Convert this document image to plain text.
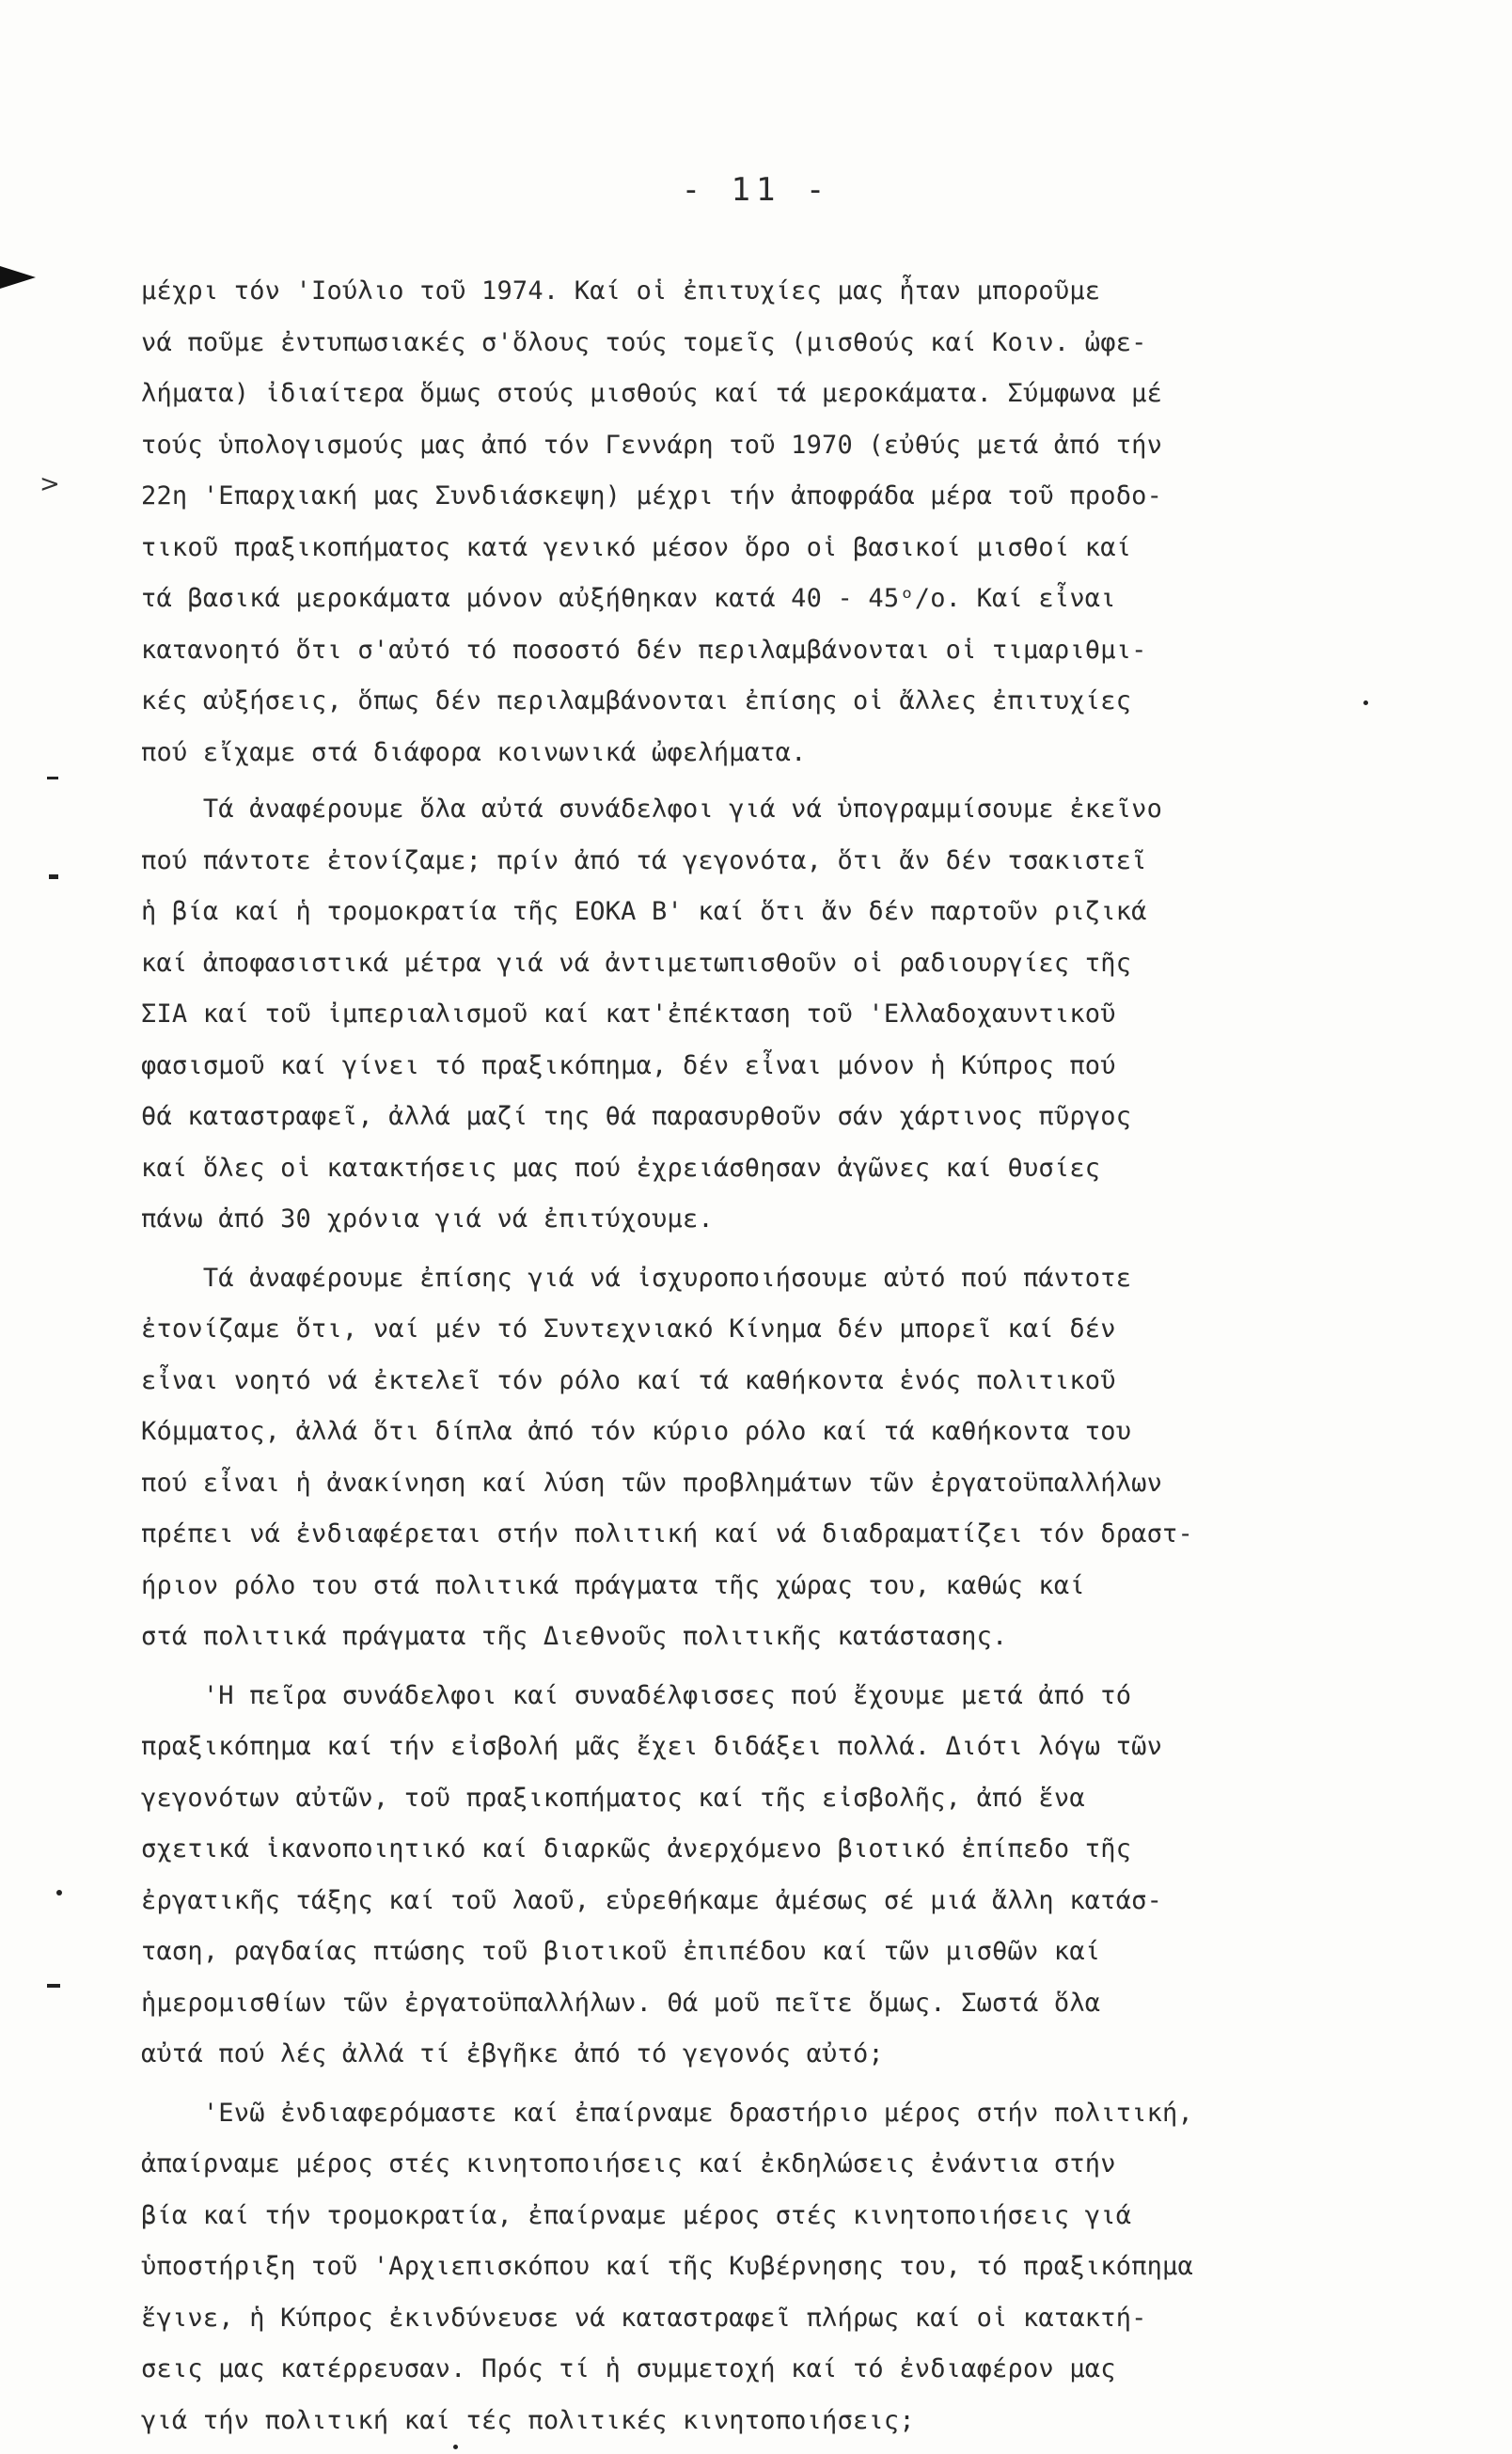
>
- 11 -
μέχρι τόν 'Ιούλιο τοῦ 1974. Καί οἱ ἐπιτυχίες μας ἦταν μποροῦμε
νά ποῦμε ἐντυπωσιακές σ'ὅλους τούς τομεῖς (μισθούς καί Κοιν. ὠφε-
λήματα) ἰδιαίτερα ὅμως στούς μισθούς καί τά μεροκάματα. Σύμφωνα μέ
τούς ὑπολογισμούς μας ἀπό τόν Γεννάρη τοῦ 1970 (εὐθύς μετά ἀπό τήν
22η 'Επαρχιακή μας Συνδιάσκεψη) μέχρι τήν ἀποφράδα μέρα τοῦ προδο-
τικοῦ πραξικοπήματος κατά γενικό μέσον ὅρο οἱ βασικοί μισθοί καί
τά βασικά μεροκάματα μόνον αὐξήθηκαν κατά 40 - 45ᵒ/ο. Καί εἶναι
κατανοητό ὅτι σ'αὐτό τό ποσοστό δέν περιλαμβάνονται οἱ τιμαριθμι-
κές αὐξήσεις, ὅπως δέν περιλαμβάνονται ἐπίσης οἱ ἄλλες ἐπιτυχίες
πού εἴχαμε στά διάφορα κοινωνικά ὠφελήματα.
Τά ἀναφέρουμε ὅλα αὐτά συνάδελφοι γιά νά ὑπογραμμίσουμε ἐκεῖνο
πού πάντοτε ἐτονίζαμε; πρίν ἀπό τά γεγονότα, ὅτι ἄν δέν τσακιστεῖ
ἡ βία καί ἡ τρομοκρατία τῆς ΕΟΚΑ Β' καί ὅτι ἄν δέν παρτοῦν ριζικά
καί ἀποφασιστικά μέτρα γιά νά ἀντιμετωπισθοῦν οἱ ραδιουργίες τῆς
ΣΙΑ καί τοῦ ἰμπεριαλισμοῦ καί κατ'ἐπέκταση τοῦ 'Ελλαδοχαυντικοῦ
φασισμοῦ καί γίνει τό πραξικόπημα, δέν εἶναι μόνον ἡ Κύπρος πού
θά καταστραφεῖ, ἀλλά μαζί της θά παρασυρθοῦν σάν χάρτινος πῦργος
καί ὅλες οἱ κατακτήσεις μας πού ἐχρειάσθησαν ἀγῶνες καί θυσίες
πάνω ἀπό 30 χρόνια γιά νά ἐπιτύχουμε.
Τά ἀναφέρουμε ἐπίσης γιά νά ἰσχυροποιήσουμε αὐτό πού πάντοτε
ἐτονίζαμε ὅτι, ναί μέν τό Συντεχνιακό Κίνημα δέν μπορεῖ καί δέν
εἶναι νοητό νά ἐκτελεῖ τόν ρόλο καί τά καθήκοντα ἑνός πολιτικοῦ
Κόμματος, ἀλλά ὅτι δίπλα ἀπό τόν κύριο ρόλο καί τά καθήκοντα του
πού εἶναι ἡ ἀνακίνηση καί λύση τῶν προβλημάτων τῶν ἐργατοϋπαλλήλων
πρέπει νά ἐνδιαφέρεται στήν πολιτική καί νά διαδραματίζει τόν δραστ-
ήριον ρόλο του στά πολιτικά πράγματα τῆς χώρας του, καθώς καί
στά πολιτικά πράγματα τῆς Διεθνοῦς πολιτικῆς κατάστασης.
'Η πεῖρα συνάδελφοι καί συναδέλφισσες πού ἔχουμε μετά ἀπό τό
πραξικόπημα καί τήν εἰσβολή μᾶς ἔχει διδάξει πολλά. Διότι λόγω τῶν
γεγονότων αὐτῶν, τοῦ πραξικοπήματος καί τῆς εἰσβολῆς, ἀπό ἕνα
σχετικά ἱκανοποιητικό καί διαρκῶς ἀνερχόμενο βιοτικό ἐπίπεδο τῆς
ἐργατικῆς τάξης καί τοῦ λαοῦ, εὑρεθήκαμε ἀμέσως σέ μιά ἄλλη κατάσ-
ταση, ραγδαίας πτώσης τοῦ βιοτικοῦ ἐπιπέδου καί τῶν μισθῶν καί
ἡμερομισθίων τῶν ἐργατοϋπαλλήλων. Θά μοῦ πεῖτε ὅμως. Σωστά ὅλα
αὐτά πού λές ἀλλά τί ἐβγῆκε ἀπό τό γεγονός αὐτό;
'Ενῶ ἐνδιαφερόμαστε καί ἐπαίρναμε δραστήριο μέρος στήν πολιτική,
ἀπαίρναμε μέρος στές κινητοποιήσεις καί ἐκδηλώσεις ἐνάντια στήν
βία καί τήν τρομοκρατία, ἐπαίρναμε μέρος στές κινητοποιήσεις γιά
ὑποστήριξη τοῦ 'Αρχιεπισκόπου καί τῆς Κυβέρνησης του, τό πραξικόπημα
ἔγινε, ἡ Κύπρος ἐκινδύνευσε νά καταστραφεῖ πλήρως καί οἱ κατακτή-
σεις μας κατέρρευσαν. Πρός τί ἡ συμμετοχή καί τό ἐνδιαφέρον μας
γιά τήν πολιτική καί τές πολιτικές κινητοποιήσεις;
